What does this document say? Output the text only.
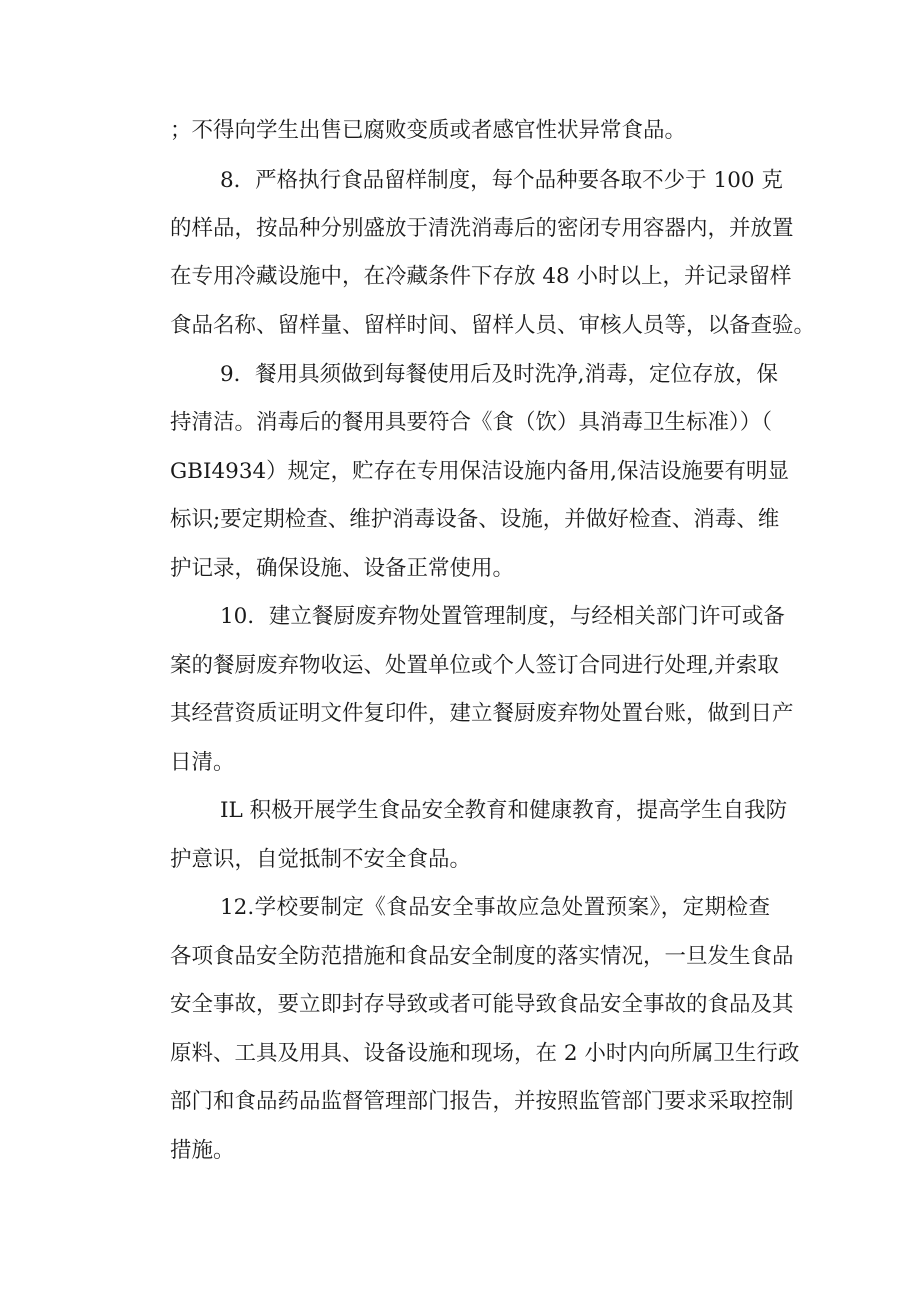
；不得向学生出售已腐败变质或者感官性状异常食品。

8．严格执行食品留样制度，每个品种要各取不少于 100 克

的样品，按品种分别盛放于清洗消毒后的密闭专用容器内，并放置

在专用冷藏设施中，在冷藏条件下存放 48 小时以上，并记录留样

食品名称、留样量、留样时间、留样人员、审核人员等，以备查验。

9．餐用具须做到每餐使用后及时洗净,消毒，定位存放，保

持清洁。消毒后的餐用具要符合《食（饮）具消毒卫生标准））（

GBI4934）规定，贮存在专用保洁设施内备用,保洁设施要有明显

标识;要定期检查、维护消毒设备、设施，并做好检查、消毒、维

护记录，确保设施、设备正常使用。

10．建立餐厨废弃物处置管理制度，与经相关部门许可或备

案的餐厨废弃物收运、处置单位或个人签订合同进行处理,并索取

其经营资质证明文件复印件，建立餐厨废弃物处置台账，做到日产

日清。

IL 积极开展学生食品安全教育和健康教育，提高学生自我防

护意识，自觉抵制不安全食品。

12.学校要制定《食品安全事故应急处置预案》，定期检查

各项食品安全防范措施和食品安全制度的落实情况，一旦发生食品

安全事故，要立即封存导致或者可能导致食品安全事故的食品及其

原料、工具及用具、设备设施和现场，在 2 小时内向所属卫生行政

部门和食品药品监督管理部门报告，并按照监管部门要求采取控制

措施。
